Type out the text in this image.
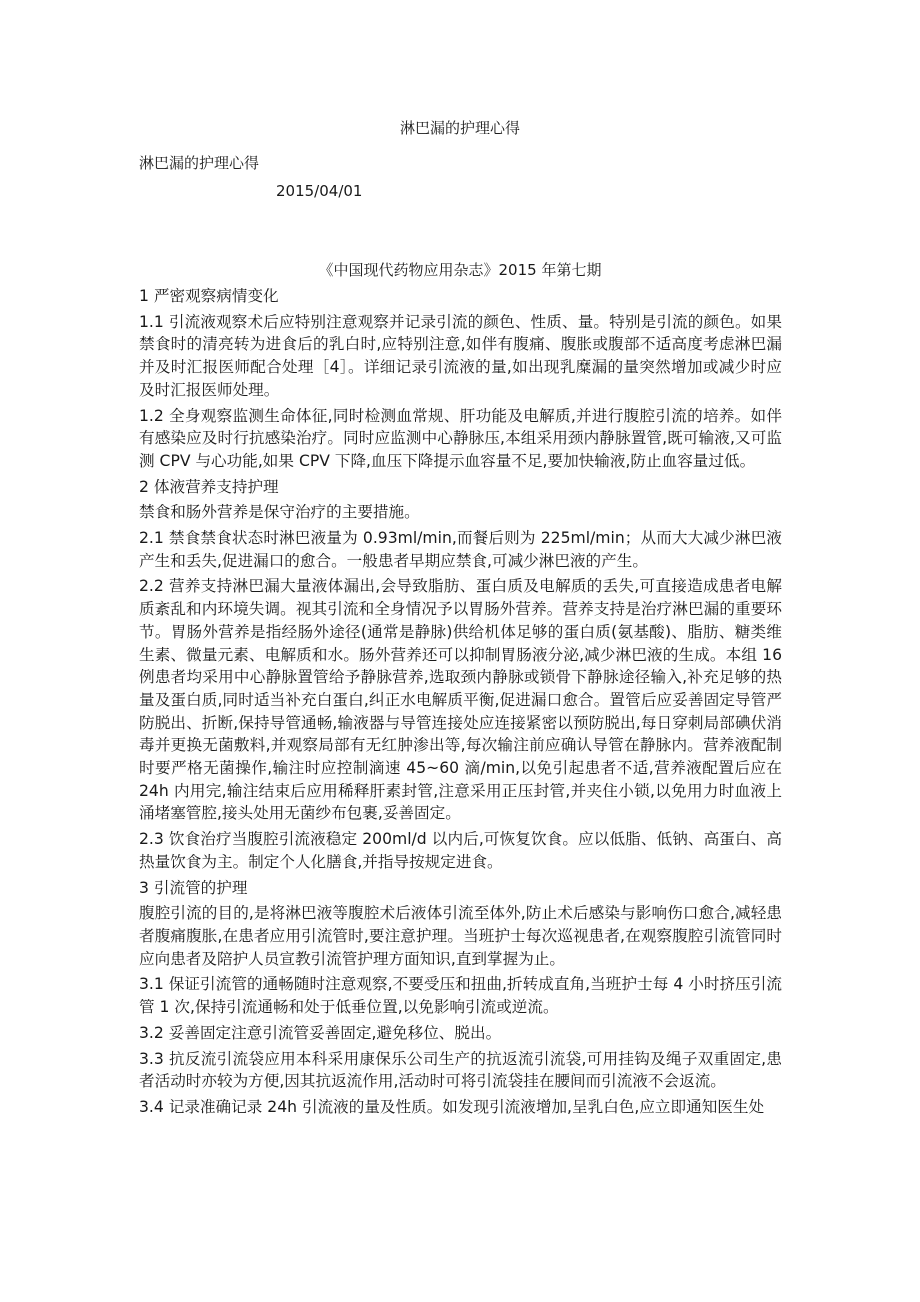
淋巴漏的护理心得
淋巴漏的护理心得
2015/04/01
《中国现代药物应用杂志》2015 年第七期

1 严密观察病情变化

1.1 引流液观察术后应特别注意观察并记录引流的颜色、性质、量。特别是引流的颜色。如果禁食时的清亮转为进食后的乳白时,应特别注意,如伴有腹痛、腹胀或腹部不适高度考虑淋巴漏并及时汇报医师配合处理［4］。详细记录引流液的量,如出现乳糜漏的量突然增加或减少时应及时汇报医师处理。

1.2 全身观察监测生命体征,同时检测血常规、肝功能及电解质,并进行腹腔引流的培养。如伴有感染应及时行抗感染治疗。同时应监测中心静脉压,本组采用颈内静脉置管,既可输液,又可监测 CPV 与心功能,如果 CPV 下降,血压下降提示血容量不足,要加快输液,防止血容量过低。

2 体液营养支持护理

禁食和肠外营养是保守治疗的主要措施。

2.1 禁食禁食状态时淋巴液量为 0.93ml/min,而餐后则为 225ml/min；从而大大减少淋巴液产生和丢失,促进漏口的愈合。一般患者早期应禁食,可减少淋巴液的产生。

2.2 营养支持淋巴漏大量液体漏出,会导致脂肪、蛋白质及电解质的丢失,可直接造成患者电解质紊乱和内环境失调。视其引流和全身情况予以胃肠外营养。营养支持是治疗淋巴漏的重要环节。胃肠外营养是指经肠外途径(通常是静脉)供给机体足够的蛋白质(氨基酸)、脂肪、糖类维生素、微量元素、电解质和水。肠外营养还可以抑制胃肠液分泌,减少淋巴液的生成。本组 16 例患者均采用中心静脉置管给予静脉营养,选取颈内静脉或锁骨下静脉途径输入,补充足够的热量及蛋白质,同时适当补充白蛋白,纠正水电解质平衡,促进漏口愈合。置管后应妥善固定导管严防脱出、折断,保持导管通畅,输液器与导管连接处应连接紧密以预防脱出,每日穿刺局部碘伏消毒并更换无菌敷料,并观察局部有无红肿渗出等,每次输注前应确认导管在静脉内。营养液配制时要严格无菌操作,输注时应控制滴速 45~60 滴/min,以免引起患者不适,营养液配置后应在 24h 内用完,输注结束后应用稀释肝素封管,注意采用正压封管,并夹住小锁,以免用力时血液上涌堵塞管腔,接头处用无菌纱布包裹,妥善固定。

2.3 饮食治疗当腹腔引流液稳定 200ml/d 以内后,可恢复饮食。应以低脂、低钠、高蛋白、高热量饮食为主。制定个人化膳食,并指导按规定进食。

3 引流管的护理

腹腔引流的目的,是将淋巴液等腹腔术后液体引流至体外,防止术后感染与影响伤口愈合,减轻患者腹痛腹胀,在患者应用引流管时,要注意护理。当班护士每次巡视患者,在观察腹腔引流管同时应向患者及陪护人员宣教引流管护理方面知识,直到掌握为止。

3.1 保证引流管的通畅随时注意观察,不要受压和扭曲,折转成直角,当班护士每 4 小时挤压引流管 1 次,保持引流通畅和处于低垂位置,以免影响引流或逆流。

3.2 妥善固定注意引流管妥善固定,避免移位、脱出。

3.3 抗反流引流袋应用本科采用康保乐公司生产的抗返流引流袋,可用挂钩及绳子双重固定,患者活动时亦较为方便,因其抗返流作用,活动时可将引流袋挂在腰间而引流液不会返流。

3.4 记录准确记录 24h 引流液的量及性质。如发现引流液增加,呈乳白色,应立即通知医生处
